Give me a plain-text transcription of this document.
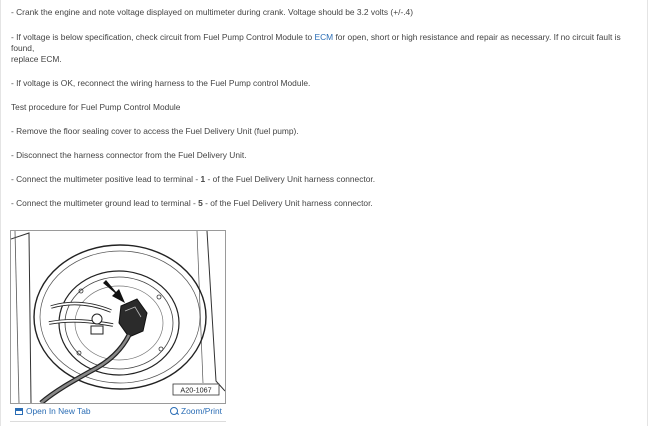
- Crank the engine and note voltage displayed on multimeter during crank. Voltage should be 3.2 volts (+/-.4)

- If voltage is below specification, check circuit from Fuel Pump Control Module to ECM for open, short or high resistance and repair as necessary. If no circuit fault is found,

replace ECM.

- If voltage is OK, reconnect the wiring harness to the Fuel Pump control Module.

Test procedure for Fuel Pump Control Module

- Remove the floor sealing cover to access the Fuel Delivery Unit (fuel pump).

- Disconnect the harness connector from the Fuel Delivery Unit.

- Connect the multimeter positive lead to terminal - 1 - of the Fuel Delivery Unit harness connector.

- Connect the multimeter ground lead to terminal - 5 - of the Fuel Delivery Unit harness connector.

A20-1067
Open In New Tab	Zoom/Print
